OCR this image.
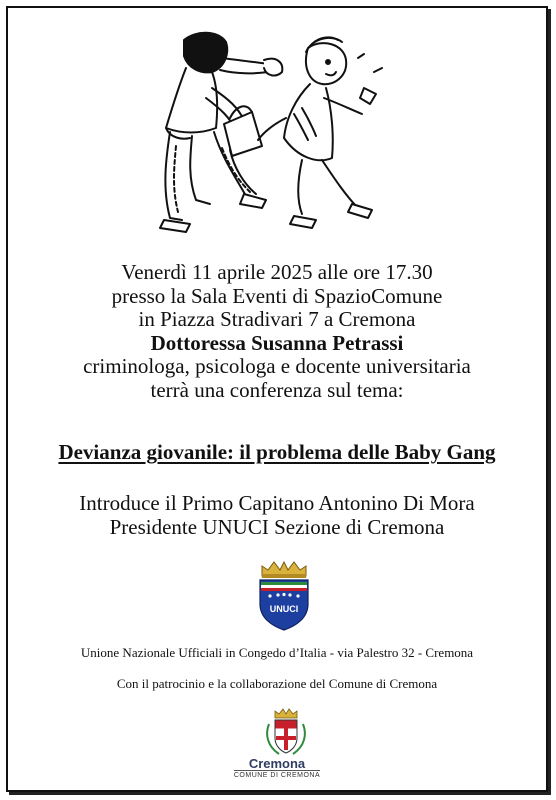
Venerdì 11 aprile 2025 alle ore 17.30
presso la Sala Eventi di SpazioComune
in Piazza Stradivari 7 a Cremona
Dottoressa Susanna Petrassi
criminologa, psicologa e docente universitaria
terrà una conferenza sul tema:
Devianza giovanile: il problema delle Baby Gang
Introduce il Primo Capitano Antonino Di Mora
Presidente UNUCI Sezione di Cremona
UNUCI
Unione Nazionale Ufficiali in Congedo d’Italia - via Palestro 32 - Cremona
Con il patrocinio e la collaborazione del Comune di Cremona
Cremona
COMUNE DI CREMONA
